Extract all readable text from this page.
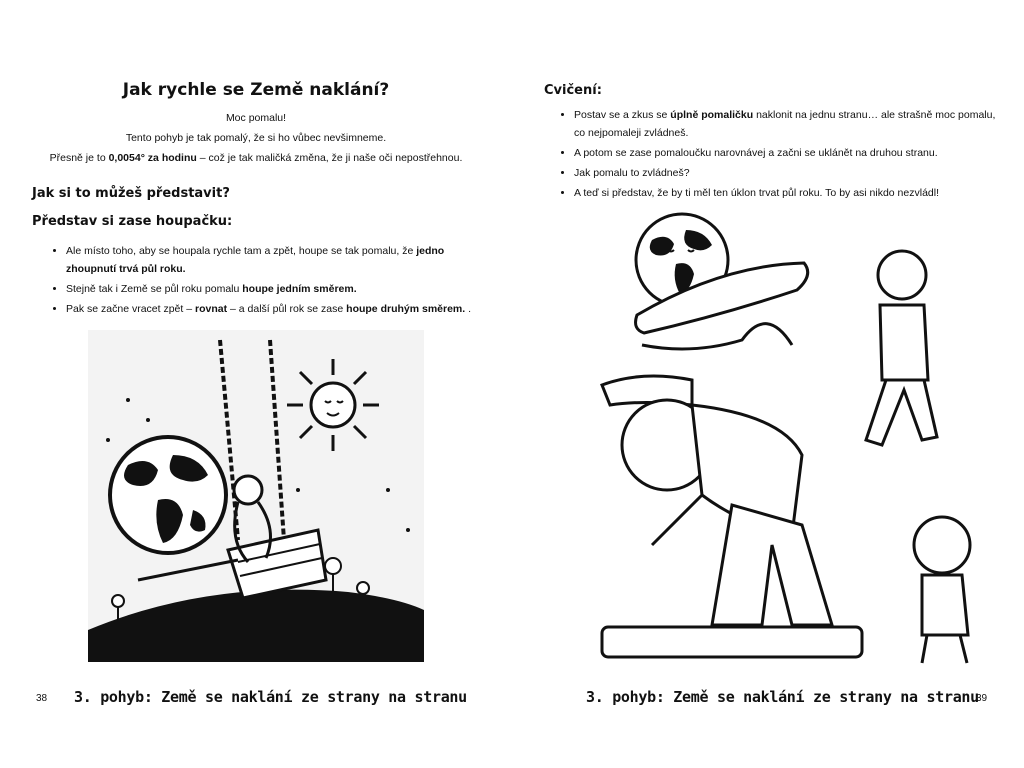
Jak rychle se Země naklání?
Moc pomalu!
Tento pohyb je tak pomalý, že si ho vůbec nevšimneme.
Přesně je to 0,0054° za hodinu – což je tak maličká změna, že ji naše oči nepostřehnou.
Jak si to můžeš představit?
Představ si zase houpačku:
• Ale místo toho, aby se houpala rychle tam a zpět, houpe se tak pomalu, že jedno zhoupnutí trvá půl roku.
• Stejně tak i Země se půl roku pomalu houpe jedním směrem.
• Pak se začne vracet zpět – rovnat – a další půl rok se zase houpe druhým směrem. .
38 3. pohyb: Země se naklání ze strany na stranu
Cvičení:
• Postav se a zkus se úplně pomaličku naklonit na jednu stranu… ale strašně moc pomalu, co nejpomaleji zvládneš.
• A potom se zase pomaloučku narovnávej a začni se uklánět na druhou stranu.
• Jak pomalu to zvládneš?
• A teď si představ, že by ti měl ten úklon trvat půl roku. To by asi nikdo nezvládl!
3. pohyb: Země se naklání ze strany na stranu
39
